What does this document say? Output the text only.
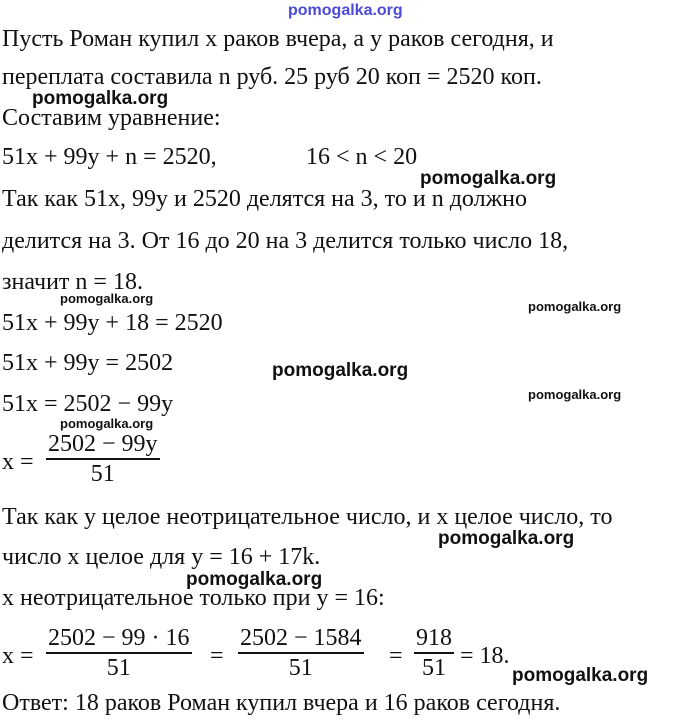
pomogalka.org
pomogalka.org
pomogalka.org
pomogalka.org
pomogalka.org
pomogalka.org
pomogalka.org
pomogalka.org
pomogalka.org
pomogalka.org
pomogalka.org
Пусть Роман купил x раков вчера, а y раков сегодня, и
переплата составила n руб. 25 руб 20 коп = 2520 коп.
Составим уравнение:
51x + 99y + n = 2520,	16 < n < 20
Так как 51x, 99y и 2520 делятся на 3, то и n должно
делится на 3. От 16 до 20 на 3 делится только число 18,
значит n = 18.
51x + 99y + 18 = 2520
51x + 99y = 2502
51x = 2502 − 99y
x =
2502 − 99y
51
Так как y целое неотрицательное число, и x целое число, то
число x целое для y = 16 + 17k.
x неотрицательное только при y = 16:
x =
2502 − 99 · 16
51	=
2502 − 1584
51	=
918
51 = 18.
Ответ: 18 раков Роман купил вчера и 16 раков сегодня.
